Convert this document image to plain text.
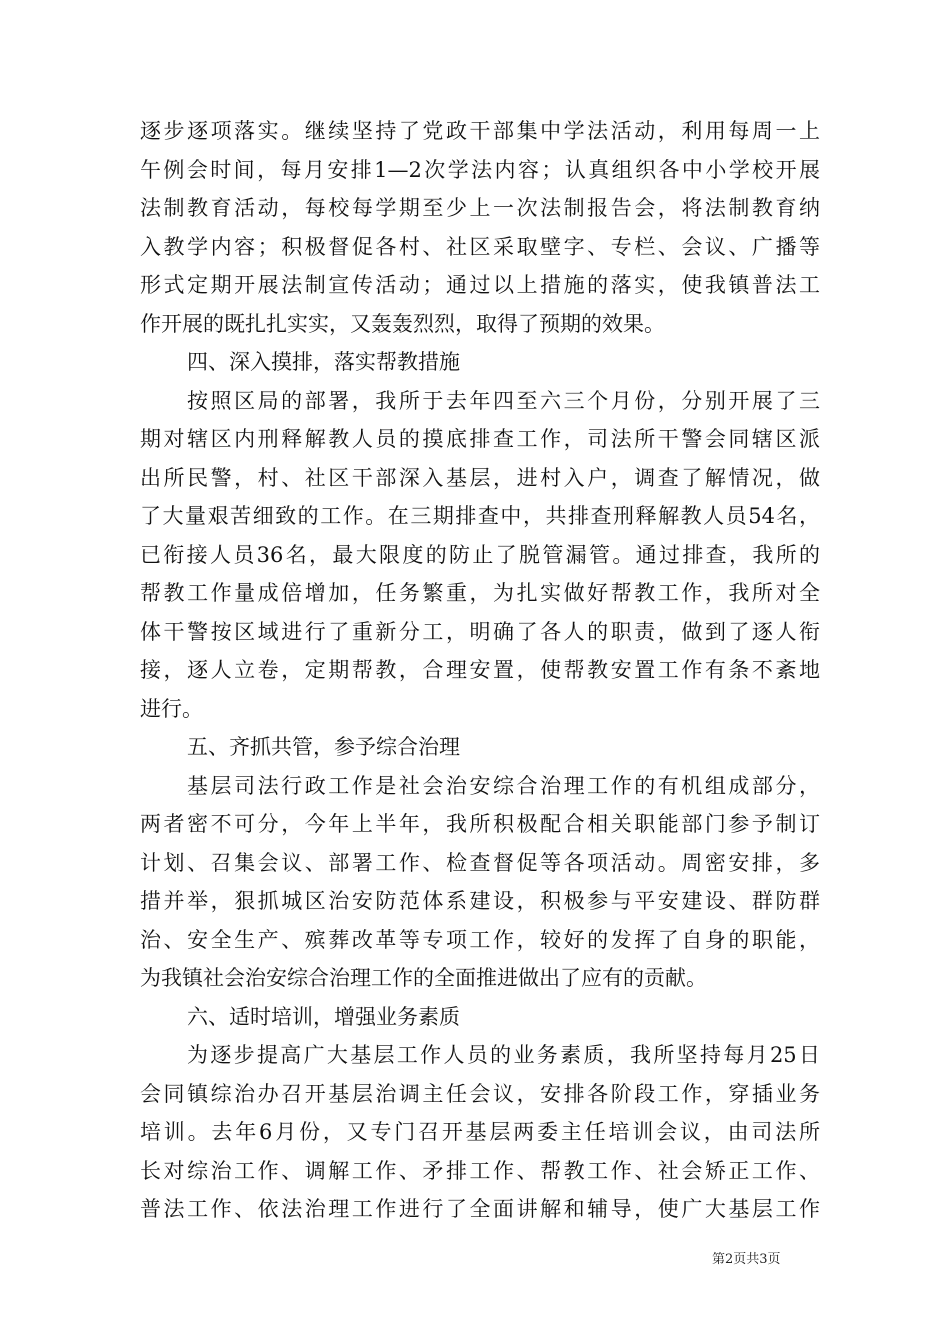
逐步逐项落实。继续坚持了党政干部集中学法活动，利用每周一上
午例会时间，每月安排1—2次学法内容；认真组织各中小学校开展
法制教育活动，每校每学期至少上一次法制报告会，将法制教育纳
入教学内容；积极督促各村、社区采取壁字、专栏、会议、广播等
形式定期开展法制宣传活动；通过以上措施的落实，使我镇普法工
作开展的既扎扎实实，又轰轰烈烈，取得了预期的效果。
四、深入摸排，落实帮教措施
按照区局的部署，我所于去年四至六三个月份，分别开展了三
期对辖区内刑释解教人员的摸底排查工作，司法所干警会同辖区派
出所民警，村、社区干部深入基层，进村入户，调查了解情况，做
了大量艰苦细致的工作。在三期排查中，共排查刑释解教人员54名，
已衔接人员36名，最大限度的防止了脱管漏管。通过排查，我所的
帮教工作量成倍增加，任务繁重，为扎实做好帮教工作，我所对全
体干警按区域进行了重新分工，明确了各人的职责，做到了逐人衔
接，逐人立卷，定期帮教，合理安置，使帮教安置工作有条不紊地
进行。
五、齐抓共管，参予综合治理
基层司法行政工作是社会治安综合治理工作的有机组成部分，
两者密不可分，今年上半年，我所积极配合相关职能部门参予制订
计划、召集会议、部署工作、检查督促等各项活动。周密安排，多
措并举，狠抓城区治安防范体系建设，积极参与平安建设、群防群
治、安全生产、殡葬改革等专项工作，较好的发挥了自身的职能，
为我镇社会治安综合治理工作的全面推进做出了应有的贡献。
六、适时培训，增强业务素质
为逐步提高广大基层工作人员的业务素质，我所坚持每月25日
会同镇综治办召开基层治调主任会议，安排各阶段工作，穿插业务
培训。去年6月份，又专门召开基层两委主任培训会议，由司法所
长对综治工作、调解工作、矛排工作、帮教工作、社会矫正工作、
普法工作、依法治理工作进行了全面讲解和辅导，使广大基层工作
第2页共3页
